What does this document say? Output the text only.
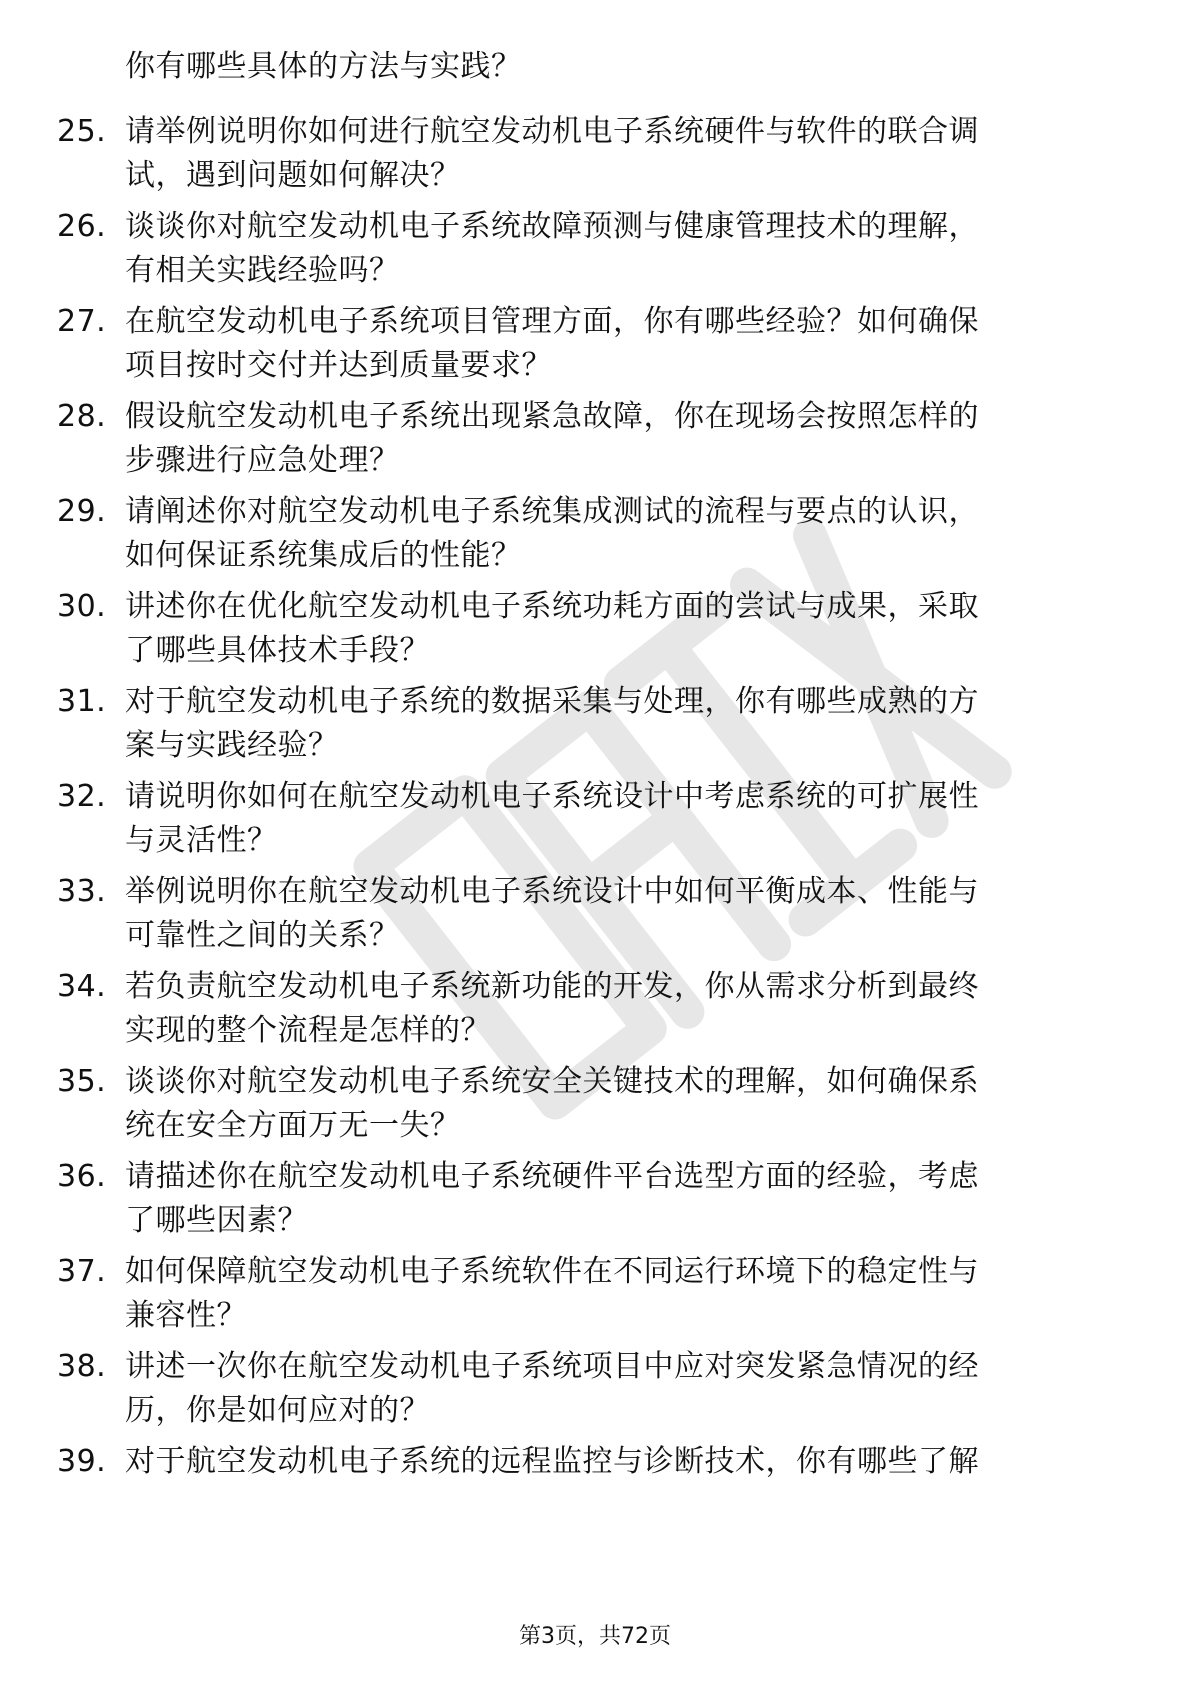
你有哪些具体的方法与实践？
25. 请举例说明你如何进行航空发动机电子系统硬件与软件的联合调
试，遇到问题如何解决？
26. 谈谈你对航空发动机电子系统故障预测与健康管理技术的理解，
有相关实践经验吗？
27. 在航空发动机电子系统项目管理方面，你有哪些经验？如何确保
项目按时交付并达到质量要求？
28. 假设航空发动机电子系统出现紧急故障，你在现场会按照怎样的
步骤进行应急处理？
29. 请阐述你对航空发动机电子系统集成测试的流程与要点的认识，
如何保证系统集成后的性能？
30. 讲述你在优化航空发动机电子系统功耗方面的尝试与成果，采取
了哪些具体技术手段？
31. 对于航空发动机电子系统的数据采集与处理，你有哪些成熟的方
案与实践经验？
32. 请说明你如何在航空发动机电子系统设计中考虑系统的可扩展性
与灵活性？
33. 举例说明你在航空发动机电子系统设计中如何平衡成本、性能与
可靠性之间的关系？
34. 若负责航空发动机电子系统新功能的开发，你从需求分析到最终
实现的整个流程是怎样的？
35. 谈谈你对航空发动机电子系统安全关键技术的理解，如何确保系
统在安全方面万无一失？
36. 请描述你在航空发动机电子系统硬件平台选型方面的经验，考虑
了哪些因素？
37. 如何保障航空发动机电子系统软件在不同运行环境下的稳定性与
兼容性？
38. 讲述一次你在航空发动机电子系统项目中应对突发紧急情况的经
历，你是如何应对的？
39. 对于航空发动机电子系统的远程监控与诊断技术，你有哪些了解
第3页，共72页
